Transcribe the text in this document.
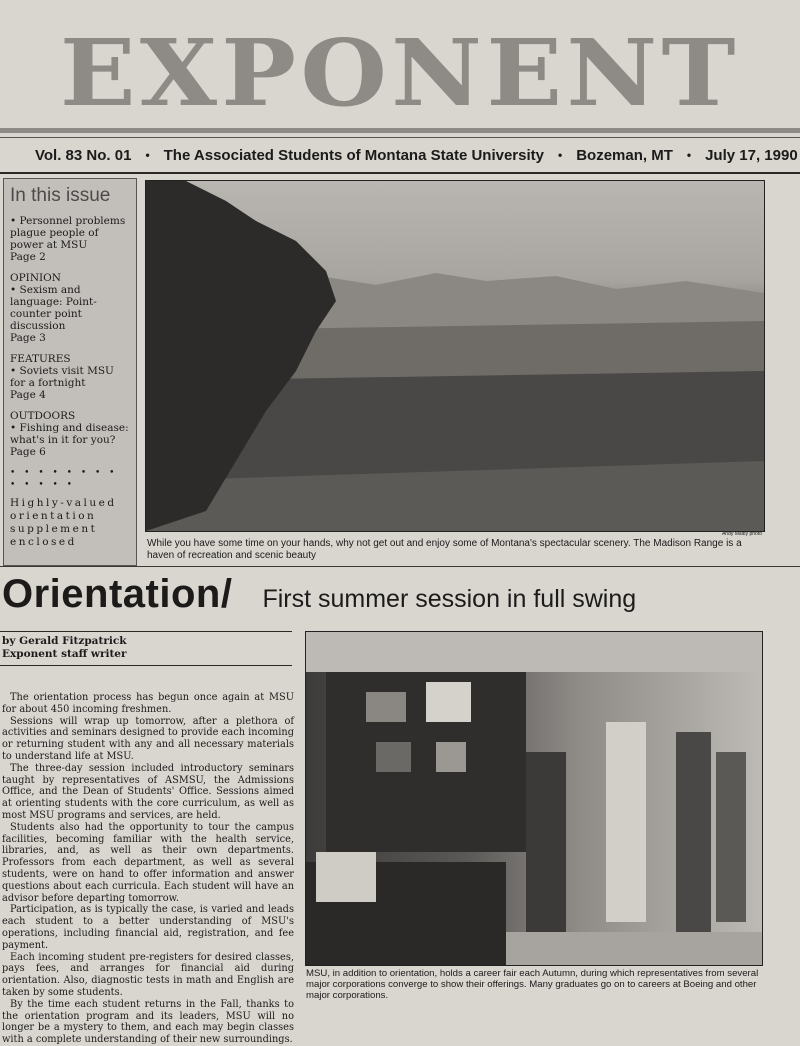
EXPONENT
Vol. 83 No. 01 • The Associated Students of Montana State University • Bozeman, MT • July 17, 1990
In this issue
• Personnel problems plague people of power at MSU
Page 2
OPINION
• Sexism and language: Point-counter point discussion
Page 3
FEATURES
• Soviets visit MSU for a fortnight
Page 4
OUTDOORS
• Fishing and disease: what's in it for you?
Page 6
• • • • • • • • • • • • •
Highly-valued orientation supplement enclosed
Andy Malby photo
While you have some time on your hands, why not get out and enjoy some of Montana's spectacular scenery. The Madison Range is a haven of recreation and scenic beauty
Orientation/ First summer session in full swing
by Gerald Fitzpatrick
Exponent staff writer

The orientation process has begun once again at MSU for about 450 incoming freshmen.

Sessions will wrap up tomorrow, after a plethora of activities and seminars designed to provide each incoming or returning student with any and all necessary materials to understand life at MSU.

The three-day session included introductory seminars taught by representatives of ASMSU, the Admissions Office, and the Dean of Students' Office. Sessions aimed at orienting students with the core curriculum, as well as most MSU programs and services, are held.

Students also had the opportunity to tour the campus facilities, becoming familiar with the health service, libraries, and, as well as their own departments. Professors from each department, as well as several students, were on hand to offer information and answer questions about each curricula. Each student will have an advisor before departing tomorrow.

Participation, as is typically the case, is varied and leads each student to a better understanding of MSU's operations, including financial aid, registration, and fee payment.

Each incoming student pre-registers for desired classes, pays fees, and arranges for financial aid during orientation. Also, diagnostic tests in math and English are taken by some students.

By the time each student returns in the Fall, thanks to the orientation program and its leaders, MSU will no longer be a mystery to them, and each may begin classes with a complete understanding of their new surroundings.

MSU, in addition to orientation, holds a career fair each Autumn, during which representatives from several major corporations converge to show their offerings. Many graduates go on to careers at Boeing and other major corporations.
